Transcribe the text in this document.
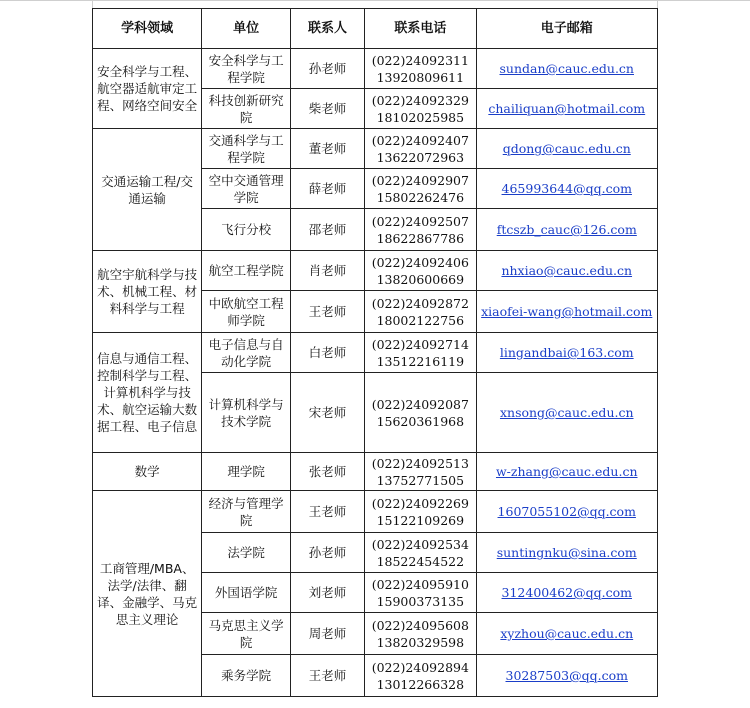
学科领域	单位	联系人	联系电话	电子邮箱
安全科学与工程、航空器适航审定工程、网络空间安全	安全科学与工程学院	孙老师	(022)24092311
13920809611	sundan@cauc.edu.cn
	科技创新研究院	柴老师	(022)24092329
18102025985	chailiquan@hotmail.com
交通运输工程/交通运输	交通科学与工程学院	董老师	(022)24092407
13622072963	qdong@cauc.edu.cn
	空中交通管理学院	薛老师	(022)24092907
15802262476	465993644@qq.com
	飞行分校	邵老师	(022)24092507
18622867786	ftcszb_cauc@126.com
航空宇航科学与技术、机械工程、材料科学与工程	航空工程学院	肖老师	(022)24092406
13820600669	nhxiao@cauc.edu.cn
	中欧航空工程师学院	王老师	(022)24092872
18002122756	xiaofei-wang@hotmail.com
信息与通信工程、控制科学与工程、计算机科学与技术、航空运输大数据工程、电子信息	电子信息与自动化学院	白老师	(022)24092714
13512216119	lingandbai@163.com
	计算机科学与技术学院	宋老师	(022)24092087
15620361968	xnsong@cauc.edu.cn
数学	理学院	张老师	(022)24092513
13752771505	w-zhang@cauc.edu.cn
工商管理/MBA、法学/法律、翻译、金融学、马克思主义理论	经济与管理学院	王老师	(022)24092269
15122109269	1607055102@qq.com
	法学院	孙老师	(022)24092534
18522454522	suntingnku@sina.com
	外国语学院	刘老师	(022)24095910
15900373135	312400462@qq.com
	马克思主义学院	周老师	(022)24095608
13820329598	xyzhou@cauc.edu.cn
	乘务学院	王老师	(022)24092894
13012266328	30287503@qq.com
